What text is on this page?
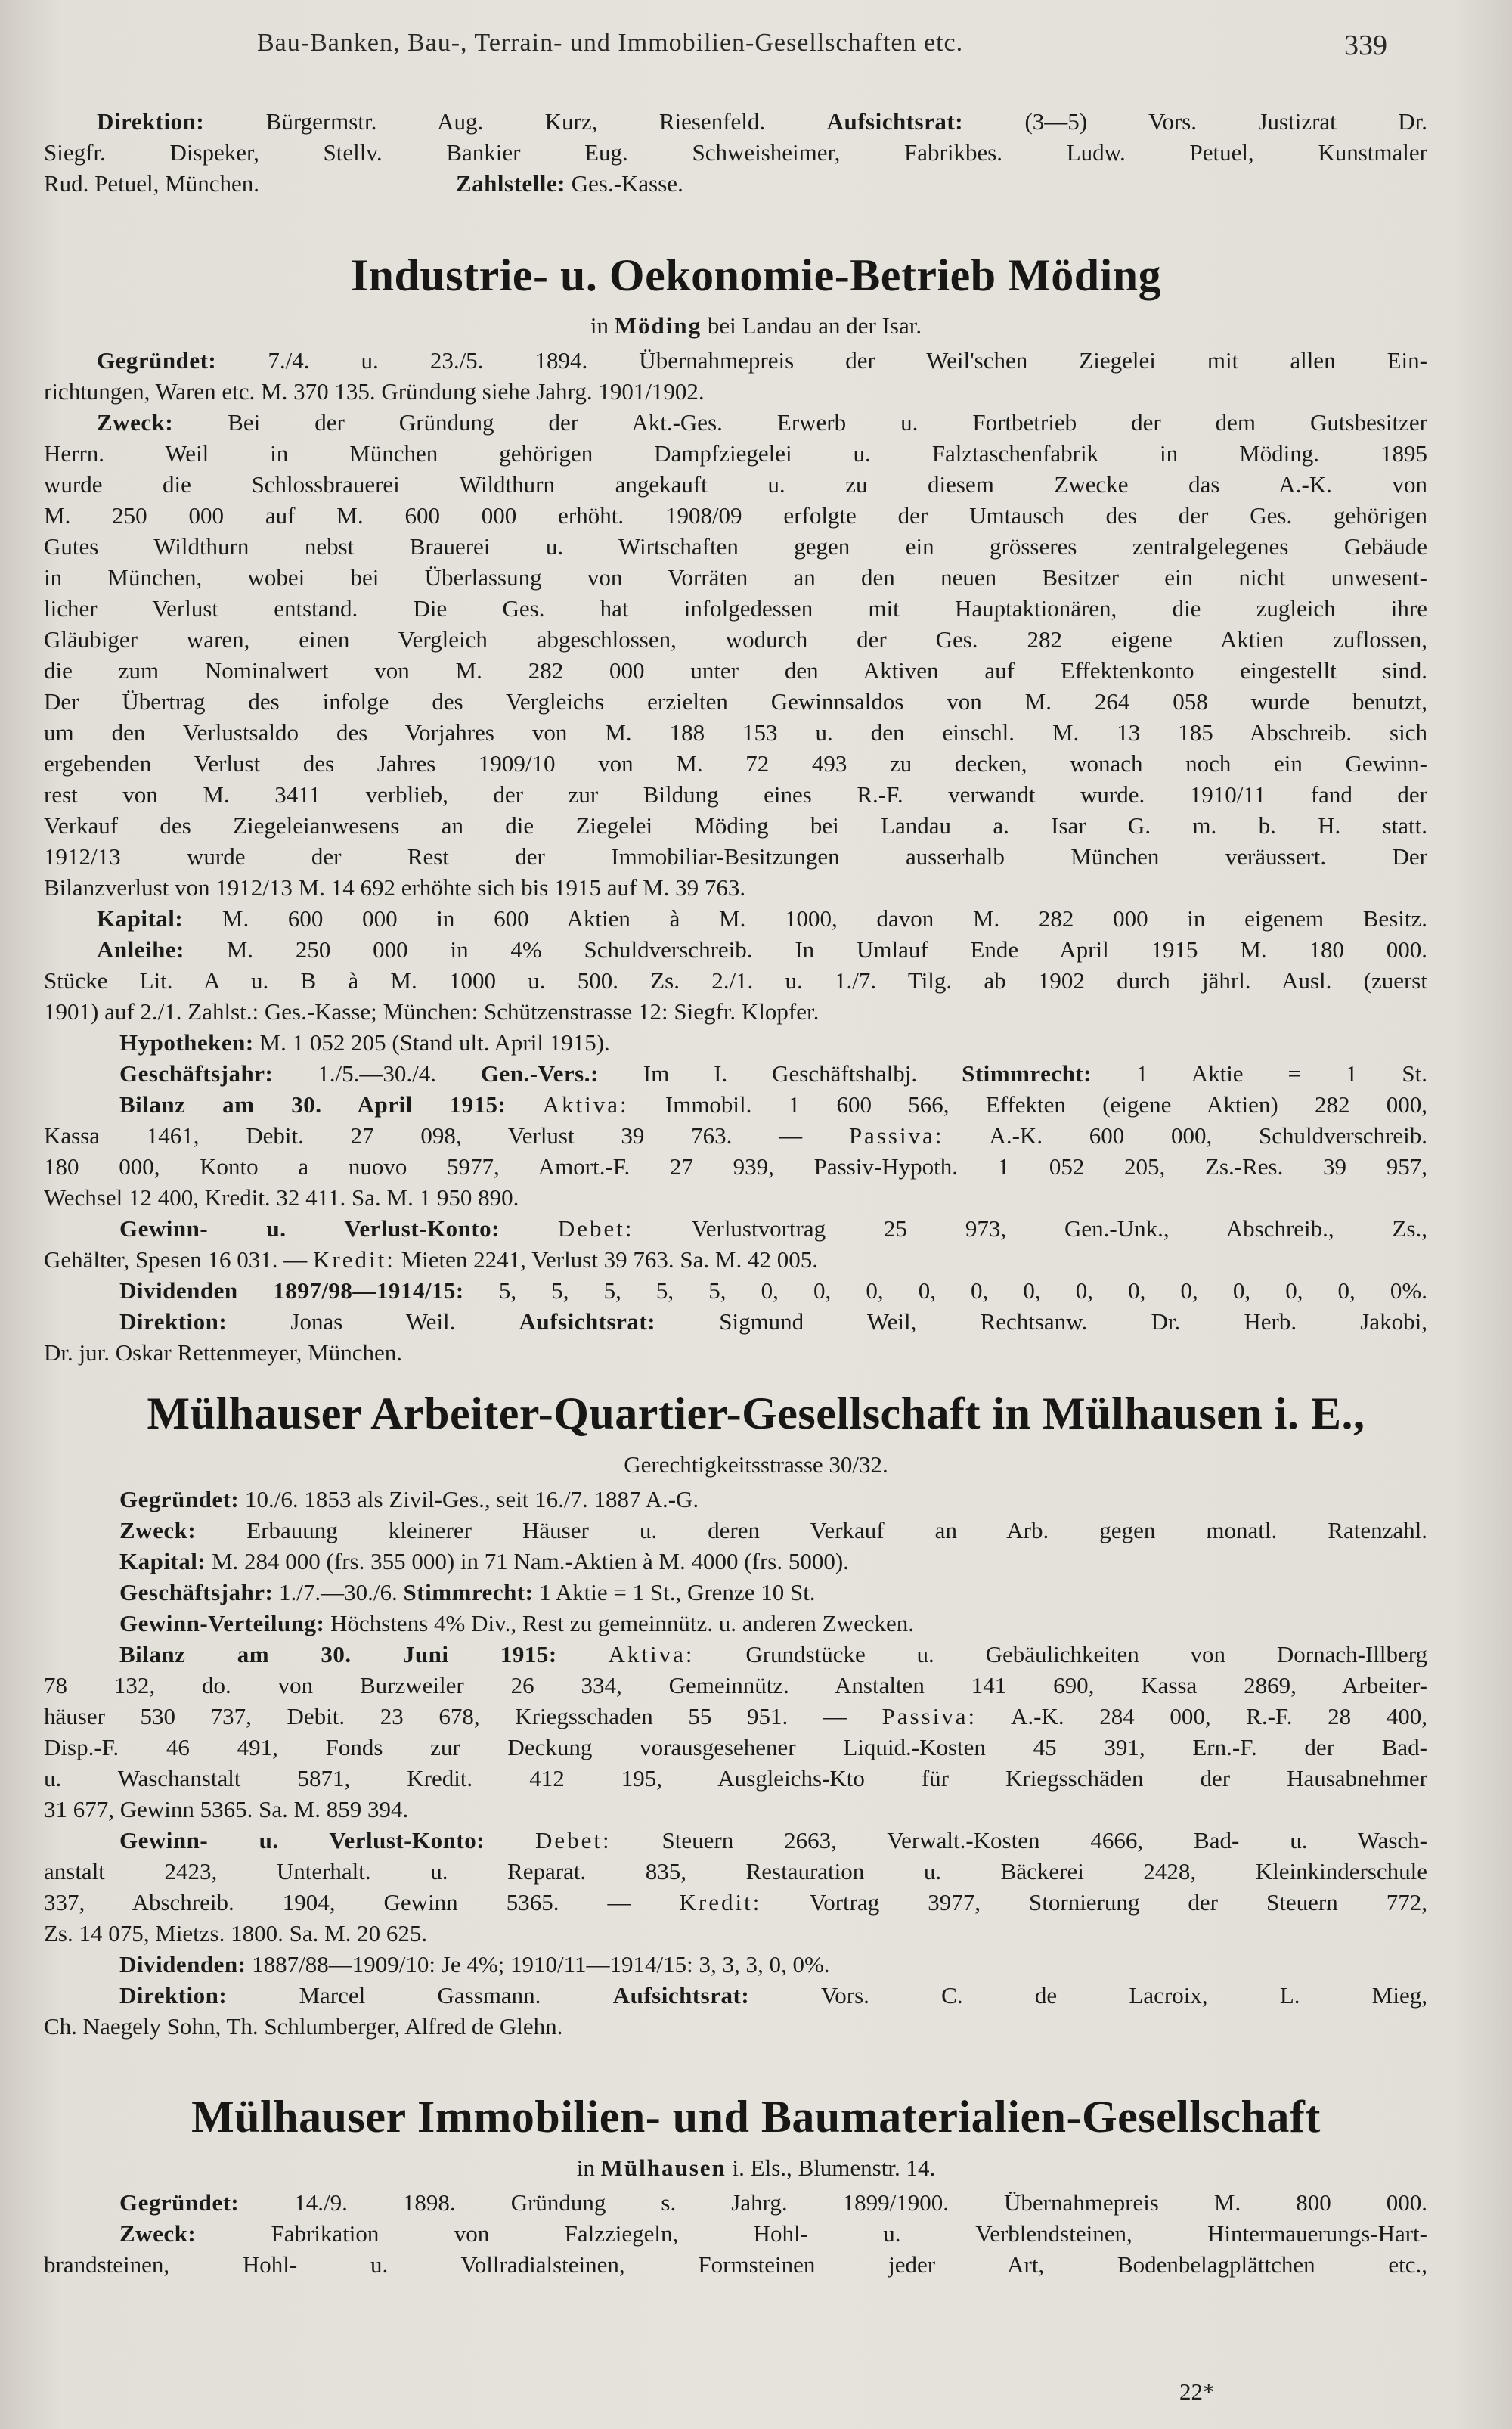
Bau-Banken, Bau-, Terrain- und Immobilien-Gesellschaften etc.	339

Direktion: Bürgermstr. Aug. Kurz, Riesenfeld. Aufsichtsrat: (3—5) Vors. Justizrat Dr.

Siegfr. Dispeker, Stellv. Bankier Eug. Schweisheimer, Fabrikbes. Ludw. Petuel, Kunstmaler

Rud. Petuel, München.	Zahlstelle: Ges.-Kasse.

Industrie- u. Oekonomie-Betrieb Möding
in Möding bei Landau an der Isar.

Gegründet: 7./4. u. 23./5. 1894. Übernahmepreis der Weil'schen Ziegelei mit allen Ein-

richtungen, Waren etc. M. 370 135. Gründung siehe Jahrg. 1901/1902.

Zweck: Bei der Gründung der Akt.-Ges. Erwerb u. Fortbetrieb der dem Gutsbesitzer

Herrn. Weil in München gehörigen Dampfziegelei u. Falztaschenfabrik in Möding. 1895

wurde die Schlossbrauerei Wildthurn angekauft u. zu diesem Zwecke das A.-K. von

M. 250 000 auf M. 600 000 erhöht. 1908/09 erfolgte der Umtausch des der Ges. gehörigen

Gutes Wildthurn nebst Brauerei u. Wirtschaften gegen ein grösseres zentralgelegenes Gebäude

in München, wobei bei Überlassung von Vorräten an den neuen Besitzer ein nicht unwesent-

licher Verlust entstand. Die Ges. hat infolgedessen mit Hauptaktionären, die zugleich ihre

Gläubiger waren, einen Vergleich abgeschlossen, wodurch der Ges. 282 eigene Aktien zuflossen,

die zum Nominalwert von M. 282 000 unter den Aktiven auf Effektenkonto eingestellt sind.

Der Übertrag des infolge des Vergleichs erzielten Gewinnsaldos von M. 264 058 wurde benutzt,

um den Verlustsaldo des Vorjahres von M. 188 153 u. den einschl. M. 13 185 Abschreib. sich

ergebenden Verlust des Jahres 1909/10 von M. 72 493 zu decken, wonach noch ein Gewinn-

rest von M. 3411 verblieb, der zur Bildung eines R.-F. verwandt wurde. 1910/11 fand der

Verkauf des Ziegeleianwesens an die Ziegelei Möding bei Landau a. Isar G. m. b. H. statt.

1912/13 wurde der Rest der Immobiliar-Besitzungen ausserhalb München veräussert. Der

Bilanzverlust von 1912/13 M. 14 692 erhöhte sich bis 1915 auf M. 39 763.

Kapital: M. 600 000 in 600 Aktien à M. 1000, davon M. 282 000 in eigenem Besitz.

Anleihe: M. 250 000 in 4% Schuldverschreib. In Umlauf Ende April 1915 M. 180 000.

Stücke Lit. A u. B à M. 1000 u. 500. Zs. 2./1. u. 1./7. Tilg. ab 1902 durch jährl. Ausl. (zuerst

1901) auf 2./1. Zahlst.: Ges.-Kasse; München: Schützenstrasse 12: Siegfr. Klopfer.

Hypotheken: M. 1 052 205 (Stand ult. April 1915).

Geschäftsjahr: 1./5.—30./4. Gen.-Vers.: Im I. Geschäftshalbj. Stimmrecht: 1 Aktie = 1 St.

Bilanz am 30. April 1915: Aktiva: Immobil. 1 600 566, Effekten (eigene Aktien) 282 000,

Kassa 1461, Debit. 27 098, Verlust 39 763. — Passiva: A.-K. 600 000, Schuldverschreib.

180 000, Konto a nuovo 5977, Amort.-F. 27 939, Passiv-Hypoth. 1 052 205, Zs.-Res. 39 957,

Wechsel 12 400, Kredit. 32 411. Sa. M. 1 950 890.

Gewinn- u. Verlust-Konto: Debet: Verlustvortrag 25 973, Gen.-Unk., Abschreib., Zs.,

Gehälter, Spesen 16 031. — Kredit: Mieten 2241, Verlust 39 763. Sa. M. 42 005.

Dividenden 1897/98—1914/15: 5, 5, 5, 5, 5, 0, 0, 0, 0, 0, 0, 0, 0, 0, 0, 0, 0, 0%.

Direktion: Jonas Weil. Aufsichtsrat: Sigmund Weil, Rechtsanw. Dr. Herb. Jakobi,

Dr. jur. Oskar Rettenmeyer, München.

Mülhauser Arbeiter-Quartier-Gesellschaft in Mülhausen i. E.,
Gerechtigkeitsstrasse 30/32.

Gegründet: 10./6. 1853 als Zivil-Ges., seit 16./7. 1887 A.-G.

Zweck: Erbauung kleinerer Häuser u. deren Verkauf an Arb. gegen monatl. Ratenzahl.

Kapital: M. 284 000 (frs. 355 000) in 71 Nam.-Aktien à M. 4000 (frs. 5000).

Geschäftsjahr: 1./7.—30./6. Stimmrecht: 1 Aktie = 1 St., Grenze 10 St.

Gewinn-Verteilung: Höchstens 4% Div., Rest zu gemeinnütz. u. anderen Zwecken.

Bilanz am 30. Juni 1915: Aktiva: Grundstücke u. Gebäulichkeiten von Dornach-Illberg

78 132, do. von Burzweiler 26 334, Gemeinnütz. Anstalten 141 690, Kassa 2869, Arbeiter-

häuser 530 737, Debit. 23 678, Kriegsschaden 55 951. — Passiva: A.-K. 284 000, R.-F. 28 400,

Disp.-F. 46 491, Fonds zur Deckung vorausgesehener Liquid.-Kosten 45 391, Ern.-F. der Bad-

u. Waschanstalt 5871, Kredit. 412 195, Ausgleichs-Kto für Kriegsschäden der Hausabnehmer

31 677, Gewinn 5365. Sa. M. 859 394.

Gewinn- u. Verlust-Konto: Debet: Steuern 2663, Verwalt.-Kosten 4666, Bad- u. Wasch-

anstalt 2423, Unterhalt. u. Reparat. 835, Restauration u. Bäckerei 2428, Kleinkinderschule

337, Abschreib. 1904, Gewinn 5365. — Kredit: Vortrag 3977, Stornierung der Steuern 772,

Zs. 14 075, Mietzs. 1800. Sa. M. 20 625.

Dividenden: 1887/88—1909/10: Je 4%; 1910/11—1914/15: 3, 3, 3, 0, 0%.

Direktion: Marcel Gassmann. Aufsichtsrat: Vors. C. de Lacroix, L. Mieg,

Ch. Naegely Sohn, Th. Schlumberger, Alfred de Glehn.

Mülhauser Immobilien- und Baumaterialien-Gesellschaft
in Mülhausen i. Els., Blumenstr. 14.

Gegründet: 14./9. 1898. Gründung s. Jahrg. 1899/1900. Übernahmepreis M. 800 000.

Zweck: Fabrikation von Falzziegeln, Hohl- u. Verblendsteinen, Hintermauerungs-Hart-

brandsteinen, Hohl- u. Vollradialsteinen, Formsteinen jeder Art, Bodenbelagplättchen etc.,

22*
